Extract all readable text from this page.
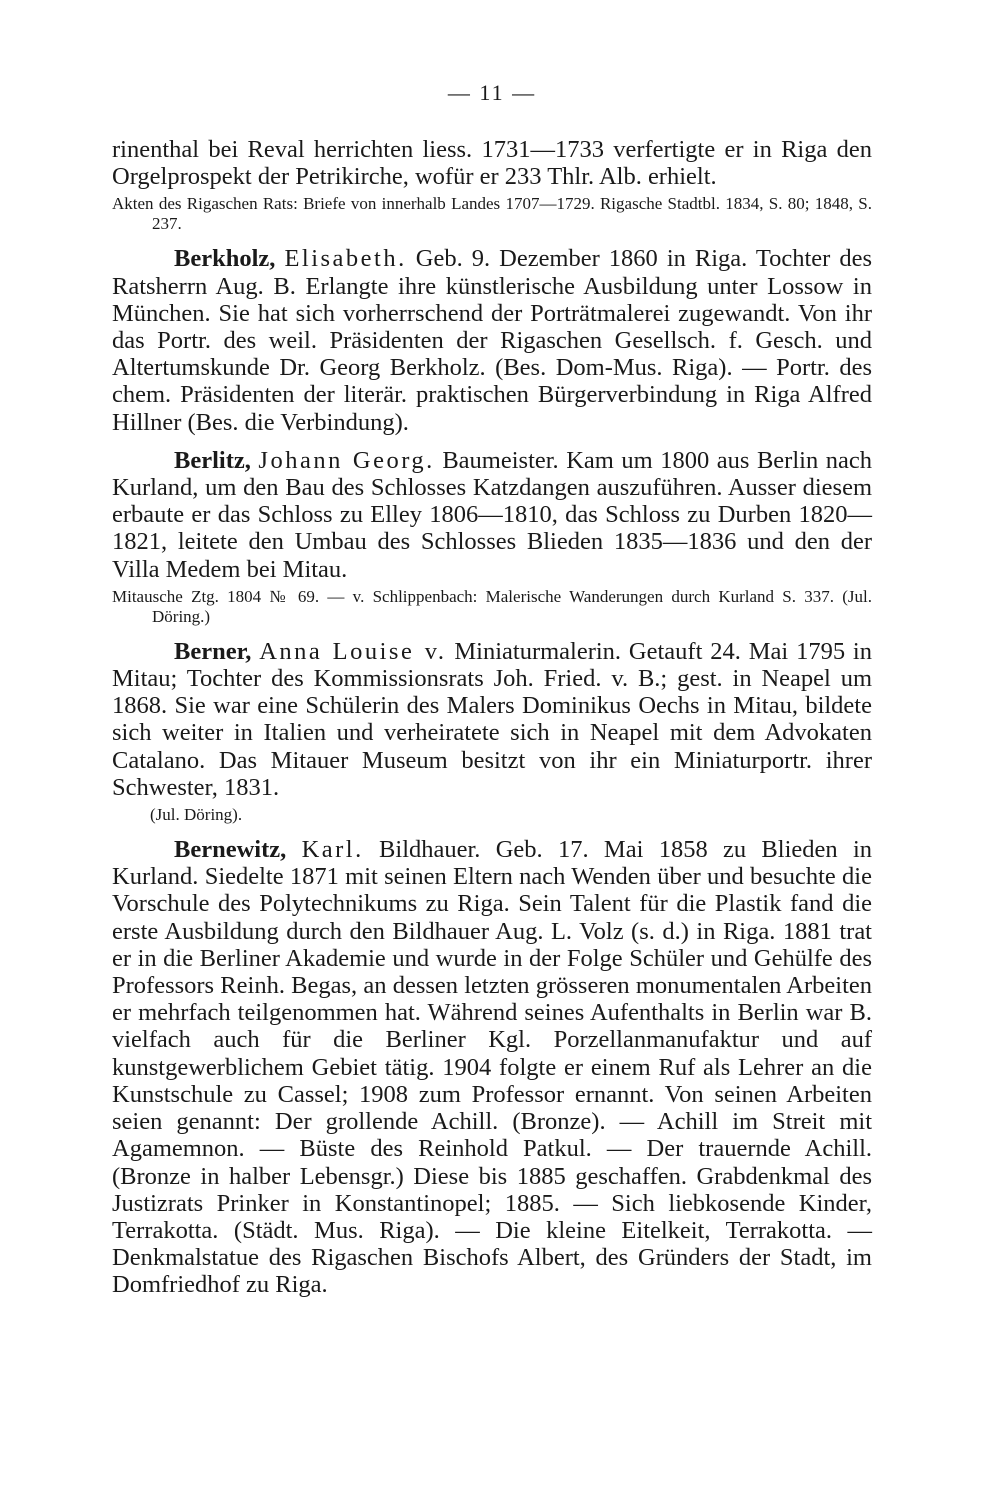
— 11 —

rinenthal bei Reval herrichten liess. 1731—1733 verfertigte er in Riga den Orgelprospekt der Petrikirche, wofür er 233 Thlr. Alb. erhielt.

Akten des Rigaschen Rats: Briefe von innerhalb Landes 1707—1729. Rigasche Stadtbl. 1834, S. 80; 1848, S. 237.

Berkholz, Elisabeth. Geb. 9. Dezember 1860 in Riga. Tochter des Ratsherrn Aug. B. Erlangte ihre künstlerische Ausbildung unter Lossow in München. Sie hat sich vorherrschend der Porträtmalerei zugewandt. Von ihr das Portr. des weil. Präsidenten der Rigaschen Gesellsch. f. Gesch. und Altertumskunde Dr. Georg Berkholz. (Bes. Dom-Mus. Riga). — Portr. des chem. Präsidenten der literär. praktischen Bürgerverbindung in Riga Alfred Hillner (Bes. die Verbindung).

Berlitz, Johann Georg. Baumeister. Kam um 1800 aus Berlin nach Kurland, um den Bau des Schlosses Katzdangen auszuführen. Ausser diesem erbaute er das Schloss zu Elley 1806—1810, das Schloss zu Durben 1820—1821, leitete den Umbau des Schlosses Blieden 1835—1836 und den der Villa Medem bei Mitau.

Mitausche Ztg. 1804 № 69. — v. Schlippenbach: Malerische Wanderungen durch Kurland S. 337. (Jul. Döring.)

Berner, Anna Louise v. Miniaturmalerin. Getauft 24. Mai 1795 in Mitau; Tochter des Kommissionsrats Joh. Fried. v. B.; gest. in Neapel um 1868. Sie war eine Schülerin des Malers Dominikus Oechs in Mitau, bildete sich weiter in Italien und verheiratete sich in Neapel mit dem Advokaten Catalano. Das Mitauer Museum besitzt von ihr ein Miniaturportr. ihrer Schwester, 1831.

(Jul. Döring).

Bernewitz, Karl. Bildhauer. Geb. 17. Mai 1858 zu Blieden in Kurland. Siedelte 1871 mit seinen Eltern nach Wenden über und besuchte die Vorschule des Polytechnikums zu Riga. Sein Talent für die Plastik fand die erste Ausbildung durch den Bildhauer Aug. L. Volz (s. d.) in Riga. 1881 trat er in die Berliner Akademie und wurde in der Folge Schüler und Gehülfe des Professors Reinh. Begas, an dessen letzten grösseren monumentalen Arbeiten er mehrfach teilgenommen hat. Während seines Aufenthalts in Berlin war B. vielfach auch für die Berliner Kgl. Porzellanmanufaktur und auf kunstgewerblichem Gebiet tätig. 1904 folgte er einem Ruf als Lehrer an die Kunstschule zu Cassel; 1908 zum Professor ernannt. Von seinen Arbeiten seien genannt: Der grollende Achill. (Bronze). — Achill im Streit mit Agamemnon. — Büste des Reinhold Patkul. — Der trauernde Achill. (Bronze in halber Lebensgr.) Diese bis 1885 geschaffen. Grabdenkmal des Justizrats Prinker in Konstantinopel; 1885. — Sich liebkosende Kinder, Terrakotta. (Städt. Mus. Riga). — Die kleine Eitelkeit, Terrakotta. — Denkmalstatue des Rigaschen Bischofs Albert, des Gründers der Stadt, im Domfriedhof zu Riga.
